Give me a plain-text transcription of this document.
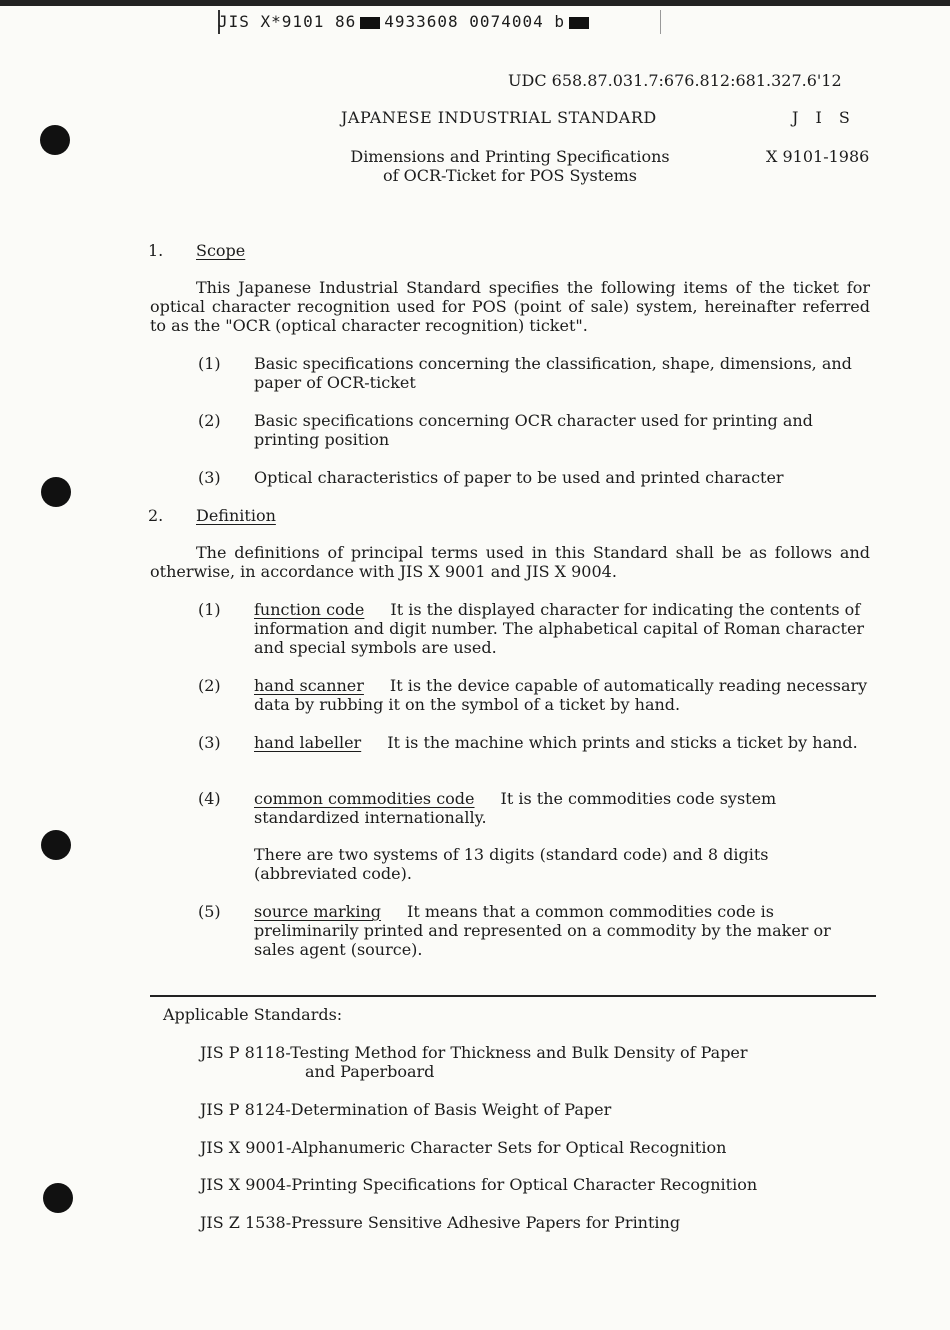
JIS X*9101 86 4933608 0074004 b
UDC 658.87.031.7:676.812:681.327.6'12
JAPANESE INDUSTRIAL STANDARD	J I S
Dimensions and Printing Specifications
of OCR-Ticket for POS Systems
X 9101-1986
1. Scope
This Japanese Industrial Standard specifies the following items of the ticket for optical character recognition used for POS (point of sale) system, hereinafter referred to as the "OCR (optical character recognition) ticket".
(1) Basic specifications concerning the classification, shape, dimensions, and paper of OCR-ticket
(2) Basic specifications concerning OCR character used for printing and printing position
(3) Optical characteristics of paper to be used and printed character
2. Definition
The definitions of principal terms used in this Standard shall be as follows and otherwise, in accordance with JIS X 9001 and JIS X 9004.
(1) function code It is the displayed character for indicating the contents of information and digit number. The alphabetical capital of Roman character and special symbols are used.
(2) hand scanner It is the device capable of automatically reading necessary data by rubbing it on the symbol of a ticket by hand.
(3) hand labeller It is the machine which prints and sticks a ticket by hand.
(4) common commodities code It is the commodities code system standardized internationally.
There are two systems of 13 digits (standard code) and 8 digits (abbreviated code).
(5) source marking It means that a common commodities code is preliminarily printed and represented on a commodity by the maker or sales agent (source).
Applicable Standards:
JIS P 8118-Testing Method for Thickness and Bulk Density of Paper
and Paperboard
JIS P 8124-Determination of Basis Weight of Paper
JIS X 9001-Alphanumeric Character Sets for Optical Recognition
JIS X 9004-Printing Specifications for Optical Character Recognition
JIS Z 1538-Pressure Sensitive Adhesive Papers for Printing
